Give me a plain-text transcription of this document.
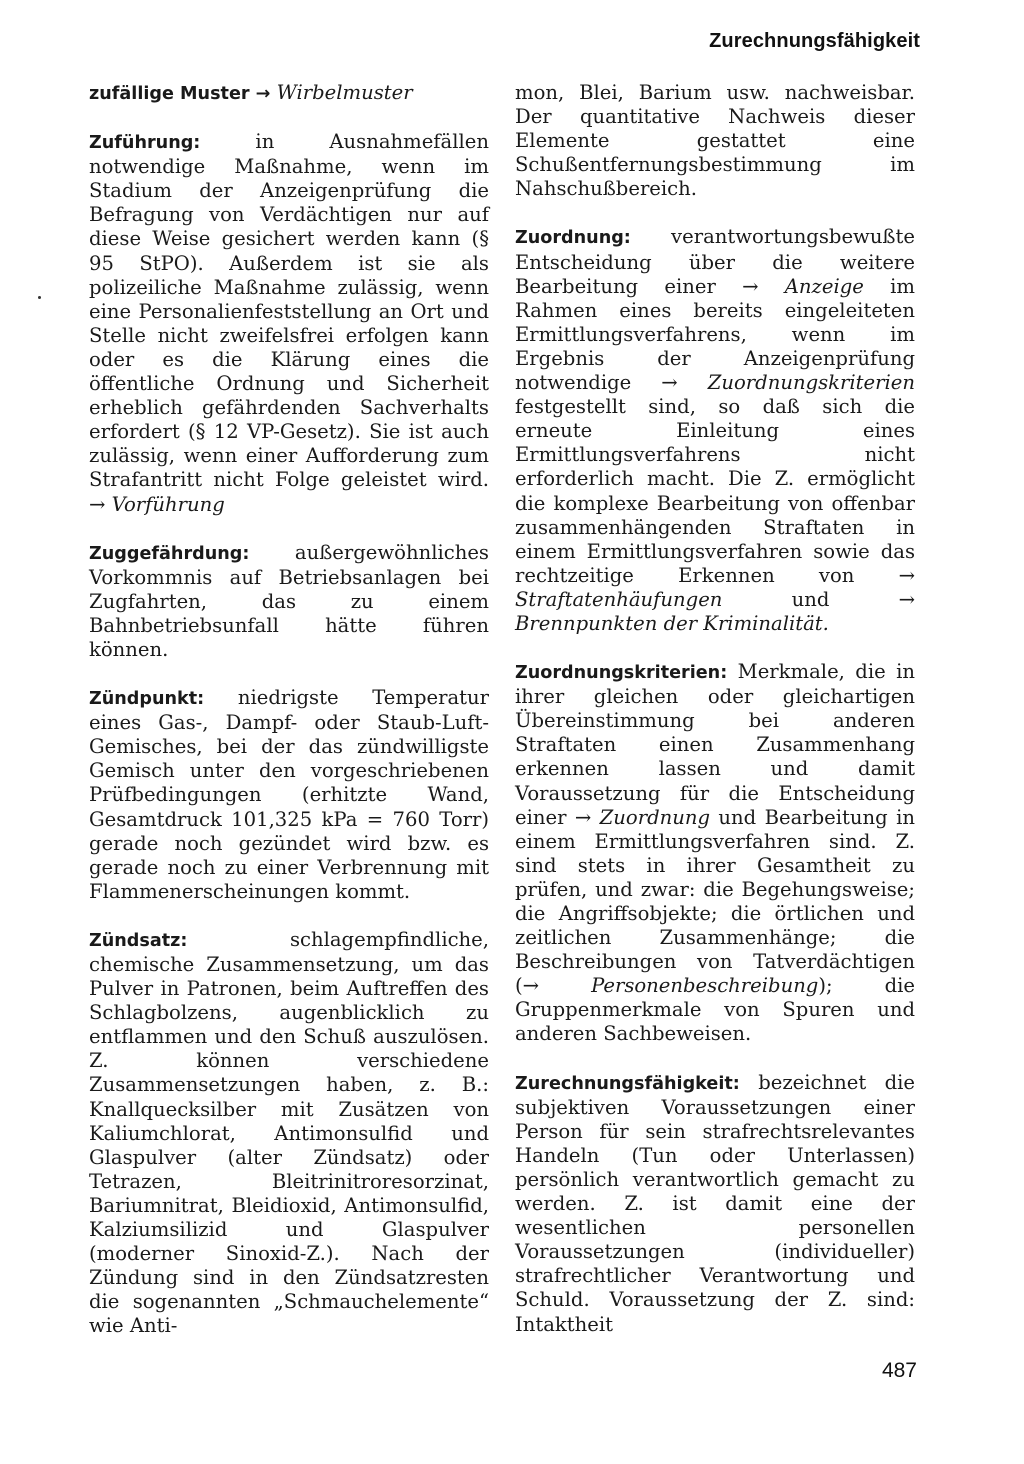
Zurechnungsfähigkeit

zufällige Muster → Wirbelmuster

Zuführung: in Ausnahmefällen notwendige Maßnahme, wenn im Stadium der Anzeigenprüfung die Befragung von Verdächtigen nur auf diese Weise gesichert werden kann (§ 95 StPO). Außerdem ist sie als polizeiliche Maßnahme zulässig, wenn eine Personalienfeststellung an Ort und Stelle nicht zweifelsfrei erfolgen kann oder es die Klärung eines die öffentliche Ordnung und Sicherheit erheblich gefährdenden Sachverhalts erfordert (§ 12 VP-Gesetz). Sie ist auch zulässig, wenn einer Aufforderung zum Strafantritt nicht Folge geleistet wird. → Vorführung

Zuggefährdung: außergewöhnliches Vorkommnis auf Betriebsanlagen bei Zugfahrten, das zu einem Bahnbetriebsunfall hätte führen können.

Zündpunkt: niedrigste Temperatur eines Gas-, Dampf- oder Staub-Luft-Gemisches, bei der das zündwilligste Gemisch unter den vorgeschriebenen Prüfbedingungen (erhitzte Wand, Gesamtdruck 101,325 kPa = 760 Torr) gerade noch gezündet wird bzw. es gerade noch zu einer Verbrennung mit Flammenerscheinungen kommt.

Zündsatz: schlagempfindliche, chemische Zusammensetzung, um das Pulver in Patronen, beim Auftreffen des Schlagbolzens, augenblicklich zu entflammen und den Schuß auszulösen. Z. können verschiedene Zusammensetzungen haben, z. B.: Knallquecksilber mit Zusätzen von Kaliumchlorat, Antimonsulfid und Glaspulver (alter Zündsatz) oder Tetrazen, Bleitrinitroresorzinat, Bariumnitrat, Bleidioxid, Antimonsulfid, Kalziumsilizid und Glaspulver (moderner Sinoxid-Z.). Nach der Zündung sind in den Zündsatzresten die sogenannten „Schmauchelemente“ wie Anti-

mon, Blei, Barium usw. nachweisbar. Der quantitative Nachweis dieser Elemente gestattet eine Schußentfernungsbestimmung im Nahschußbereich.

Zuordnung: verantwortungsbewußte Entscheidung über die weitere Bearbeitung einer → Anzeige im Rahmen eines bereits eingeleiteten Ermittlungsverfahrens, wenn im Ergebnis der Anzeigenprüfung notwendige → Zuordnungskriterien festgestellt sind, so daß sich die erneute Einleitung eines Ermittlungsverfahrens nicht erforderlich macht. Die Z. ermöglicht die komplexe Bearbeitung von offenbar zusammenhängenden Straftaten in einem Ermittlungsverfahren sowie das rechtzeitige Erkennen von → Straftatenhäufungen und → Brennpunkten der Kriminalität.

Zuordnungskriterien: Merkmale, die in ihrer gleichen oder gleichartigen Übereinstimmung bei anderen Straftaten einen Zusammenhang erkennen lassen und damit Voraussetzung für die Entscheidung einer → Zuordnung und Bearbeitung in einem Ermittlungsverfahren sind. Z. sind stets in ihrer Gesamtheit zu prüfen, und zwar: die Begehungsweise; die Angriffsobjekte; die örtlichen und zeitlichen Zusammenhänge; die Beschreibungen von Tatverdächtigen (→ Personenbeschreibung); die Gruppenmerkmale von Spuren und anderen Sachbeweisen.

Zurechnungsfähigkeit: bezeichnet die subjektiven Voraussetzungen einer Person für sein strafrechtsrelevantes Handeln (Tun oder Unterlassen) persönlich verantwortlich gemacht zu werden. Z. ist damit eine der wesentlichen personellen Voraussetzungen (individueller) strafrechtlicher Verantwortung und Schuld. Voraussetzung der Z. sind: Intaktheit

487
